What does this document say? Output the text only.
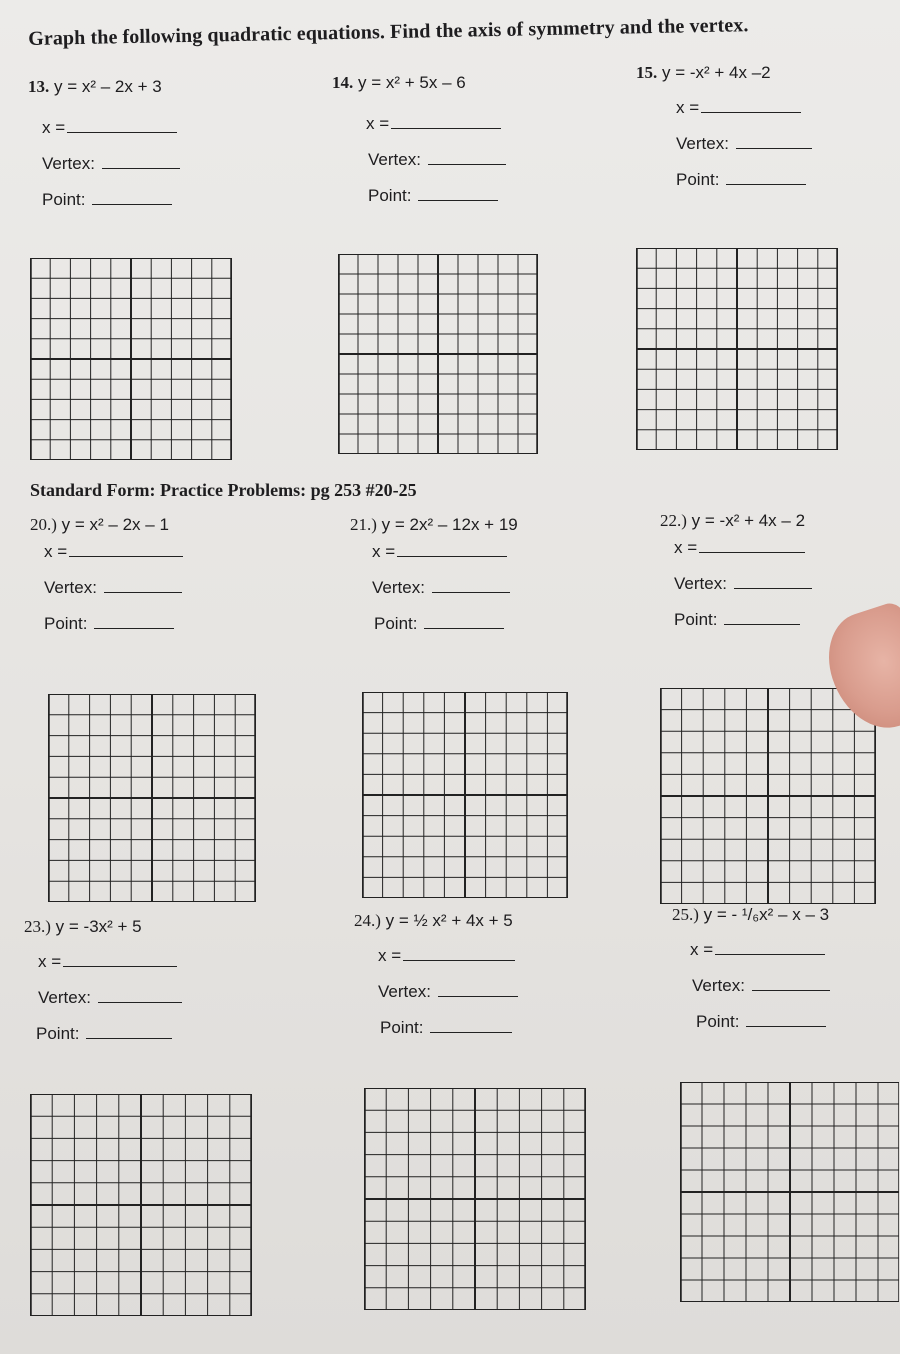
Graph the following quadratic equations. Find the axis of symmetry and the vertex.
13. y = x² – 2x + 3
x =
Vertex:
Point:
14. y = x² + 5x – 6
x =
Vertex:
Point:
15. y = -x² + 4x –2
x =
Vertex:
Point:
Standard Form: Practice Problems: pg 253 #20-25
20.) y = x² – 2x – 1
x =
Vertex:
Point:
21.) y = 2x² – 12x + 19
x =
Vertex:
Point:
22.) y = -x² + 4x – 2
x =
Vertex:
Point:
23.) y = -3x² + 5
x =
Vertex:
Point:
24.) y = ½ x² + 4x + 5
x =
Vertex:
Point:
25.) y = - ¹/₆x² – x – 3
x =
Vertex:
Point:
